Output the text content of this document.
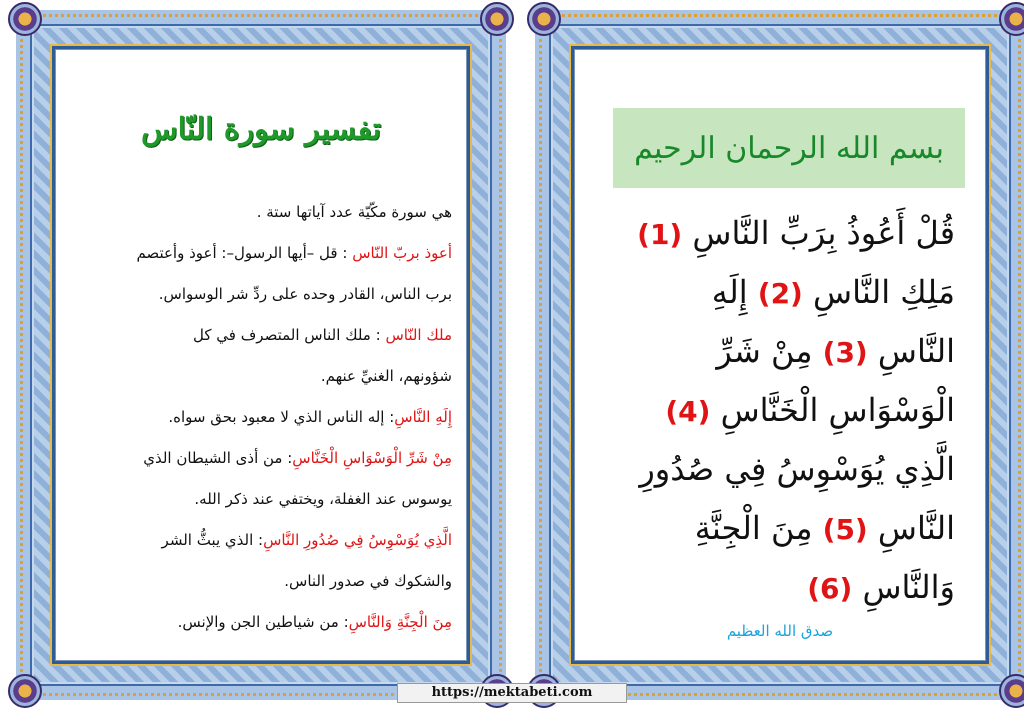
تفسير سورة النّاس
هي سورة مكّيّة عدد آياتها ستة .
أعوذ بربّ النّاس : قل –أيها الرسول–: أعوذ وأعتصم
برب الناس، القادر وحده على ردِّ شر الوسواس.
ملك النّاس : ملك الناس المتصرف في كل
شؤونهم، الغنيِّ عنهم.
إِلَهِ النَّاسِ: إله الناس الذي لا معبود بحق سواه.
مِنْ شَرِّ الْوَسْوَاسِ الْخَنَّاسِ: من أذى الشيطان الذي
يوسوس عند الغفلة، ويختفي عند ذكر الله.
الَّذِي يُوَسْوِسُ فِي صُدُورِ النَّاسِ: الذي يبثُّ الشر
والشكوك في صدور الناس.
مِنَ الْجِنَّةِ وَالنَّاسِ: من شياطين الجن والإنس.
بسم الله الرحمان الرحيم
قُلْ أَعُوذُ بِرَبِّ النَّاسِ (1)
مَلِكِ النَّاسِ (2) إِلَهِ
النَّاسِ (3) مِنْ شَرِّ
الْوَسْوَاسِ الْخَنَّاسِ (4)
الَّذِي يُوَسْوِسُ فِي صُدُورِ
النَّاسِ (5) مِنَ الْجِنَّةِ
وَالنَّاسِ (6)
صدق الله العظيم
https://mektabeti.com
